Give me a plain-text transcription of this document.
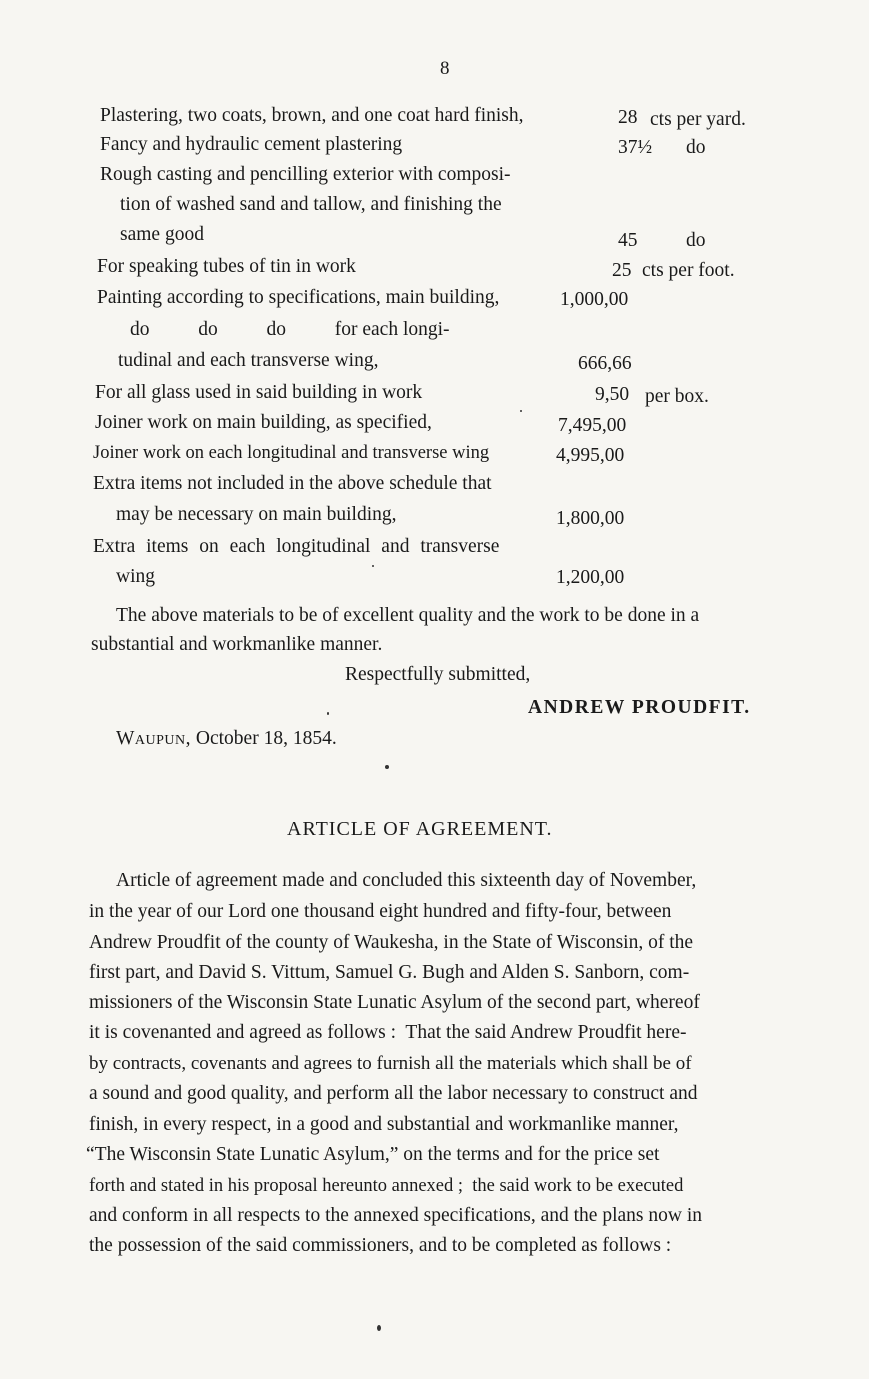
8
Plastering, two coats, brown, and one coat hard finish,	28 cts per yard.
Fancy and hydraulic cement plastering	37½ do
Rough casting and pencilling exterior with composi-
tion of washed sand and tallow, and finishing the
same good	45 do
For speaking tubes of tin in work	25 cts per foot.
Painting according to specifications, main building,	1,000,00
do          do          do          for each longi-
tudinal and each transverse wing,	666,66
For all glass used in said building in work	9,50 per box.
Joiner work on main building, as specified,	7,495,00
Joiner work on each longitudinal and transverse wing	4,995,00
Extra items not included in the above schedule that
may be necessary on main building,	1,800,00
Extra items on each longitudinal and transverse
wing	1,200,00
The above materials to be of excellent quality and the work to be done in a
substantial and workmanlike manner.
Respectfully submitted,
ANDREW PROUDFIT.
Waupun, October 18, 1854.
ARTICLE OF AGREEMENT.
Article of agreement made and concluded this sixteenth day of November,
in the year of our Lord one thousand eight hundred and fifty-four, between
Andrew Proudfit of the county of Waukesha, in the State of Wisconsin, of the
first part, and David S. Vittum, Samuel G. Bugh and Alden S. Sanborn, com-
missioners of the Wisconsin State Lunatic Asylum of the second part, whereof
it is covenanted and agreed as follows :  That the said Andrew Proudfit here-
by contracts, covenants and agrees to furnish all the materials which shall be of
a sound and good quality, and perform all the labor necessary to construct and
finish, in every respect, in a good and substantial and workmanlike manner,
“The Wisconsin State Lunatic Asylum,” on the terms and for the price set
forth and stated in his proposal hereunto annexed ;  the said work to be executed
and conform in all respects to the annexed specifications, and the plans now in
the possession of the said commissioners, and to be completed as follows :
